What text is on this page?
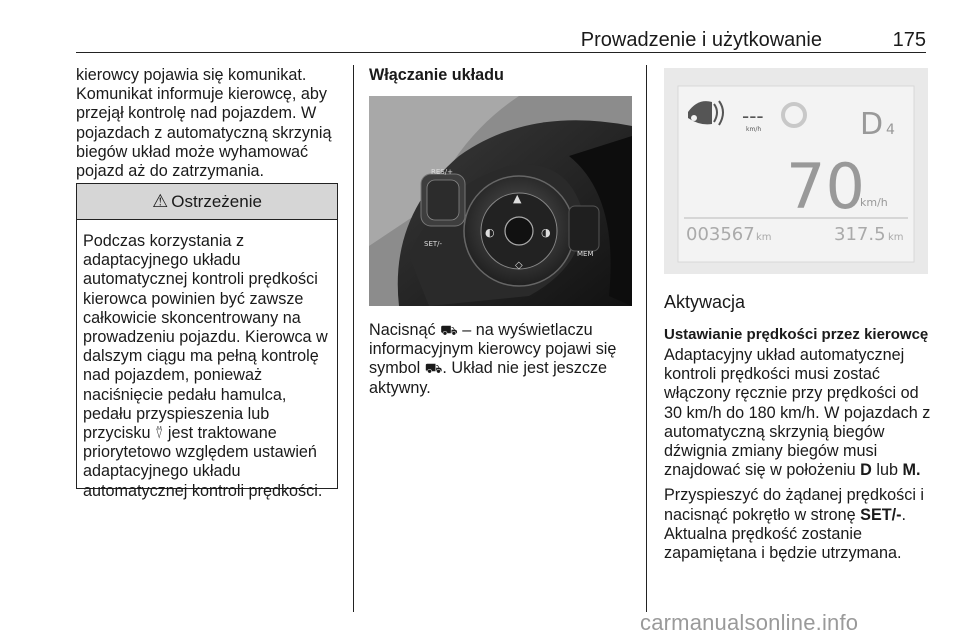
Prowadzenie i użytkowanie	175

kierowcy pojawia się komunikat. Komunikat informuje kierowcę, aby przejął kontrolę nad pojazdem. W pojazdach z automatyczną skrzynią biegów układ może wyhamować pojazd aż do zatrzymania.

⚠ Ostrzeżenie
Podczas korzystania z adaptacyjnego układu automatycznej kontroli prędkości kierowca powinien być zawsze całkowicie skoncentrowany na prowadzeniu pojazdu. Kierowca w dalszym ciągu ma pełną kontrolę nad pojazdem, ponieważ naciśnięcie pedału hamulca, pedału przyspieszenia lub przycisku ⍢ jest traktowane priorytetowo względem ustawień adaptacyjnego układu automatycznej kontroli prędkości.
Włączanie układu
RES/+
SET/-
MEM
▲
◐	◑
◇
Nacisnąć ⛟ – na wyświetlaczu informacyjnym kierowcy pojawi się symbol ⛟. Układ nie jest jeszcze aktywny.
---
km/h	D 4
70
km/h
003567 km	317.5 km
Aktywacja
Ustawianie prędkości przez kierowcę

Adaptacyjny układ automatycznej kontroli prędkości musi zostać włączony ręcznie przy prędkości od 30 km/h do 180 km/h. W pojazdach z automatyczną skrzynią biegów dźwignia zmiany biegów musi znajdować się w położeniu D lub M.

Przyspieszyć do żądanej prędkości i nacisnąć pokrętło w stronę SET/-. Aktualna prędkość zostanie zapamiętana i będzie utrzymana.

carmanualsonline.info
